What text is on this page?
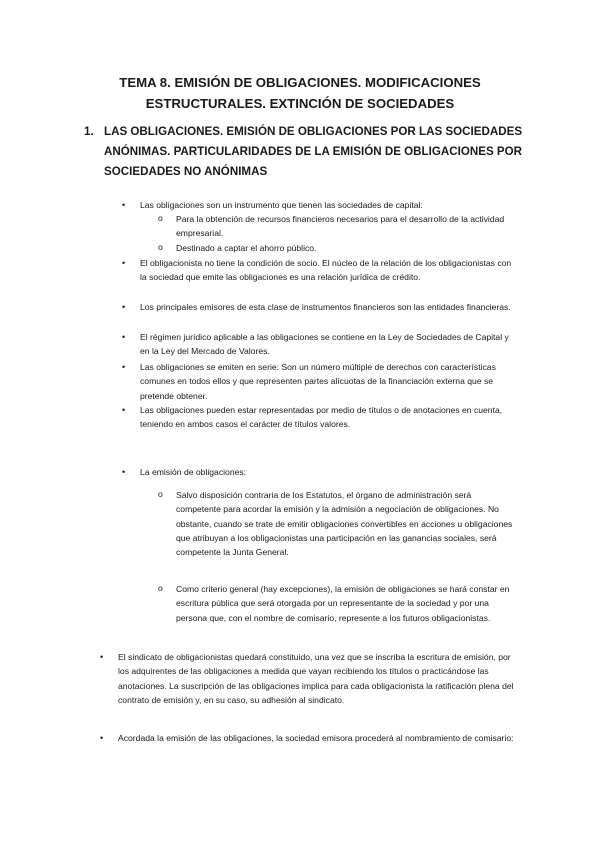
TEMA 8. EMISIÓN DE OBLIGACIONES. MODIFICACIONES
ESTRUCTURALES. EXTINCIÓN DE SOCIEDADES
1. LAS OBLIGACIONES. EMISIÓN DE OBLIGACIONES POR LAS SOCIEDADES ANÓNIMAS. PARTICULARIDADES DE LA EMISIÓN DE OBLIGACIONES POR SOCIEDADES NO ANÓNIMAS
• Las obligaciones son un instrumento que tienen las sociedades de capital:
o Para la obtención de recursos financieros necesarios para el desarrollo de la actividad empresarial.
o Destinado a captar el ahorro público.
• El obligacionista no tiene la condición de socio. El núcleo de la relación de los obligacionistas con la sociedad que emite las obligaciones es una relación jurídica de crédito.
• Los principales emisores de esta clase de instrumentos financieros son las entidades financieras.
• El régimen jurídico aplicable a las obligaciones se contiene en la Ley de Sociedades de Capital y en la Ley del Mercado de Valores.
• Las obligaciones se emiten en serie: Son un número múltiple de derechos con características comunes en todos ellos y que representen partes alícuotas de la financiación externa que se pretende obtener.
• Las obligaciones pueden estar representadas por medio de títulos o de anotaciones en cuenta, teniendo en ambos casos el carácter de títulos valores.
• La emisión de obligaciones:
o Salvo disposición contraria de los Estatutos, el órgano de administración será competente para acordar la emisión y la admisión a negociación de obligaciones. No obstante, cuando se trate de emitir obligaciones convertibles en acciones u obligaciones que atribuyan a los obligacionistas una participación en las ganancias sociales, será competente la Junta General.
o Como criterio general (hay excepciones), la emisión de obligaciones se hará constar en escritura pública que será otorgada por un representante de la sociedad y por una persona que, con el nombre de comisario, represente a los futuros obligacionistas.
• El sindicato de obligacionistas quedará constituido, una vez que se inscriba la escritura de emisión, por los adquirentes de las obligaciones a medida que vayan recibiendo los títulos o practicándose las anotaciones. La suscripción de las obligaciones implica para cada obligacionista la ratificación plena del contrato de emisión y, en su caso, su adhesión al sindicato.
• Acordada la emisión de las obligaciones, la sociedad emisora procederá al nombramiento de comisario:
